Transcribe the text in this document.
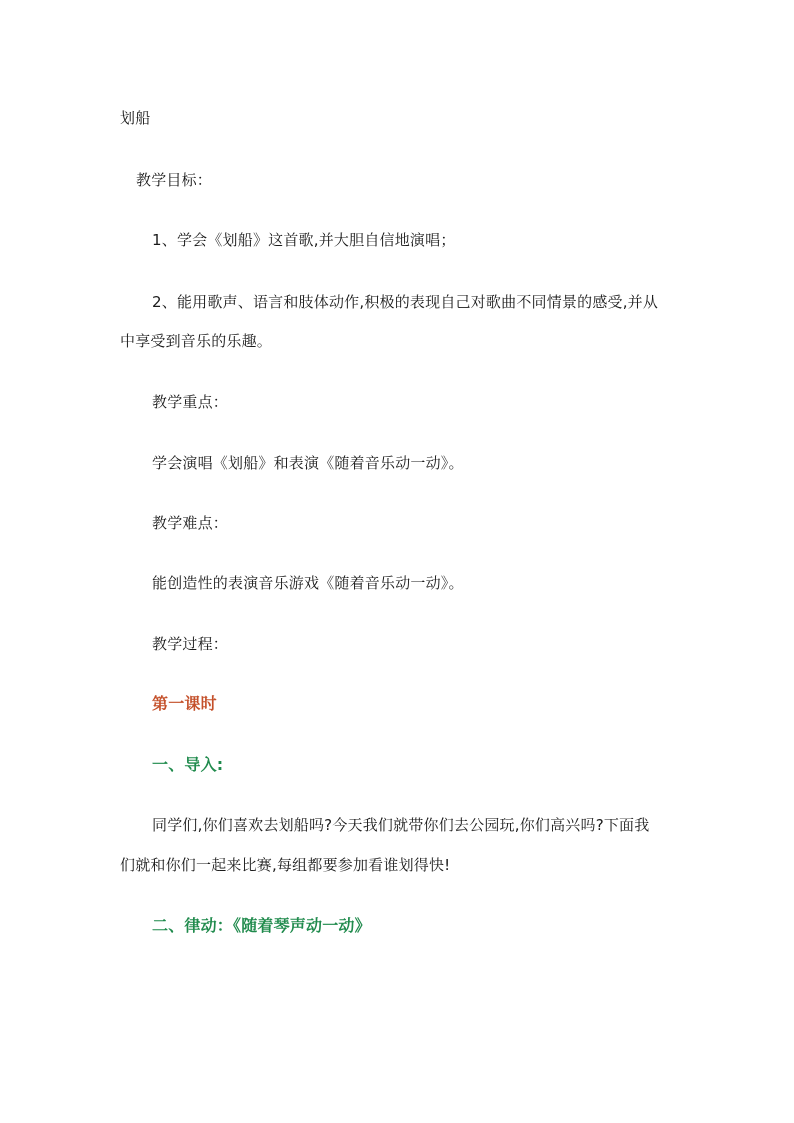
划船
教学目标：
1、学会《划船》这首歌,并大胆自信地演唱；
2、能用歌声、语言和肢体动作,积极的表现自己对歌曲不同情景的感受,并从
中享受到音乐的乐趣。
教学重点：
学会演唱《划船》和表演《随着音乐动一动》。
教学难点：
能创造性的表演音乐游戏《随着音乐动一动》。
教学过程：
第一课时
一、导入:
同学们,你们喜欢去划船吗?今天我们就带你们去公园玩,你们高兴吗?下面我
们就和你们一起来比赛,每组都要参加看谁划得快!
二、律动：《随着琴声动一动》
